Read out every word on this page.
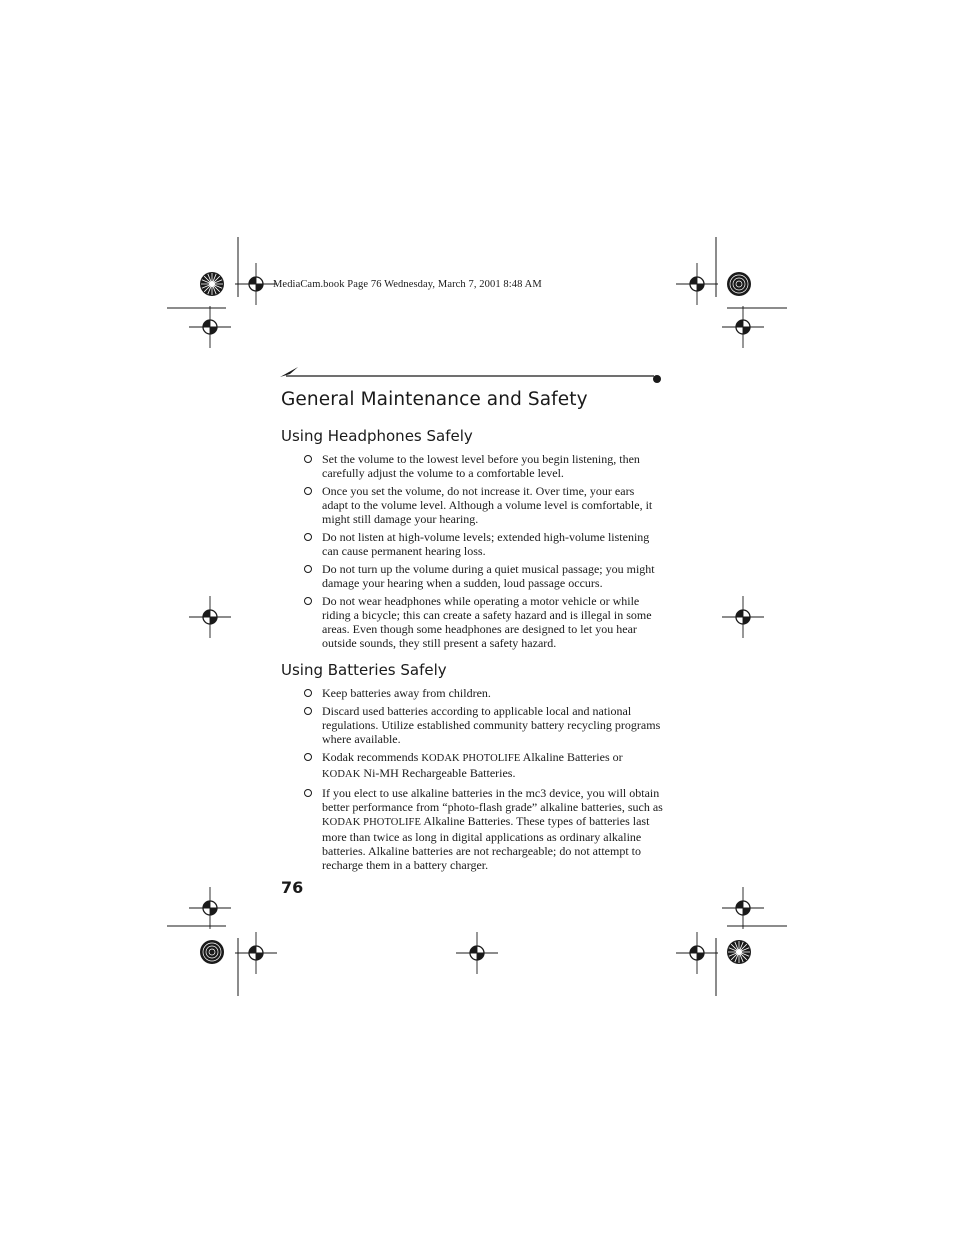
MediaCam.book Page 76 Wednesday, March 7, 2001 8:48 AM
General Maintenance and Safety
Using Headphones Safely
Set the volume to the lowest level before you begin listening, then carefully adjust the volume to a comfortable level.
Once you set the volume, do not increase it. Over time, your ears adapt to the volume level. Although a volume level is comfortable, it might still damage your hearing.
Do not listen at high-volume levels; extended high-volume listening can cause permanent hearing loss.
Do not turn up the volume during a quiet musical passage; you might damage your hearing when a sudden, loud passage occurs.
Do not wear headphones while operating a motor vehicle or while riding a bicycle; this can create a safety hazard and is illegal in some areas. Even though some headphones are designed to let you hear outside sounds, they still present a safety hazard.
Using Batteries Safely
Keep batteries away from children.
Discard used batteries according to applicable local and national regulations. Utilize established community battery recycling programs where available.
Kodak recommends KODAK PHOTOLIFE Alkaline Batteries or KODAK Ni-MH Rechargeable Batteries.
If you elect to use alkaline batteries in the mc3 device, you will obtain better performance from “photo-flash grade” alkaline batteries, such as KODAK PHOTOLIFE Alkaline Batteries. These types of batteries last more than twice as long in digital applications as ordinary alkaline batteries. Alkaline batteries are not rechargeable; do not attempt to recharge them in a battery charger.
76
